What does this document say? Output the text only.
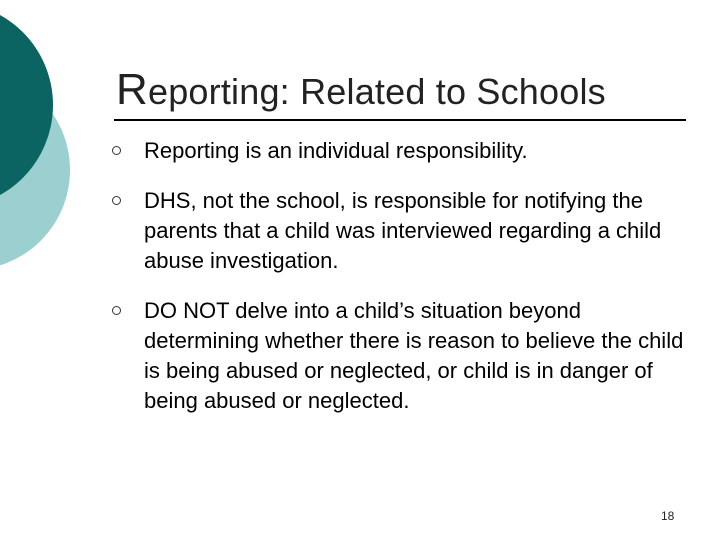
Reporting: Related to Schools
Reporting is an individual responsibility.
DHS, not the school, is responsible for notifying the parents that a child was interviewed regarding a child abuse investigation.
DO NOT delve into a child’s situation beyond determining whether there is reason to believe the child is being abused or neglected, or child is in danger of being abused or neglected.
18
